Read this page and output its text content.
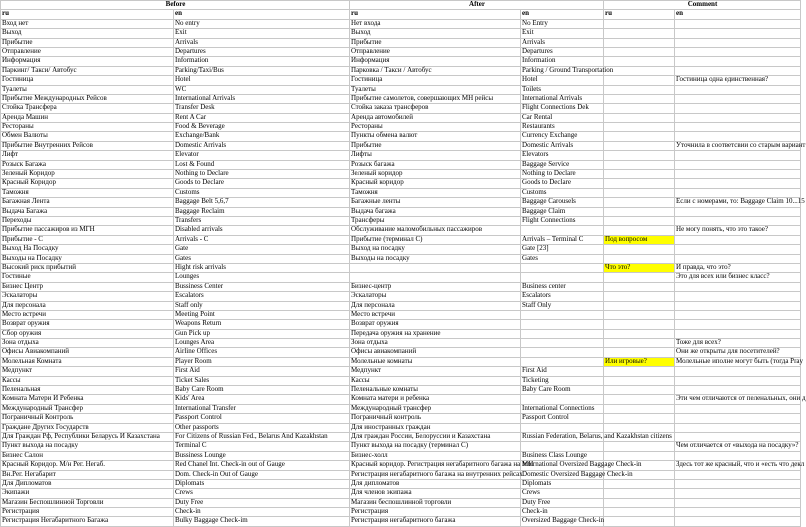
Before		After		Comment	
ru	en	ru	en	ru	en
Вход нет	No entry	Нет входа	No Entry		
Выход	Exit	Выход	Exit		
Прибытие	Arrivals	Прибытие	Arrivals		
Отправление	Departures	Отправление	Departures		
Информация	Information	Информация	Information		
Паркинг/ Такси/ Автобус	Parking/Taxi/Bus	Парковка / Такси / Автобус	Parking / Ground Transportation		
Гостиница	Hotel	Гостиница	Hotel		Гостиница одна единственная?
Туалеты	WC	Туалеты	Toilets		
Прибытие Международных Рейсов	International Arrivals	Прибытие самолетов, совершающих МН рейсы	International Arrivals		
Стойка Трансфера	Transfer Desk	Стойка заказа трансферов	Flight Connections Dek		
Аренда Машин	Rent A Car	Аренда автомобилей	Car Rental		
Рестораны	Food & Beverage	Рестораны	Restaurants		
Обмен Валюты	Exchange/Bank	Пункты обмена валют	Currency Exchange		
Прибытие Внутренних Рейсов	Domestic Arrivals	Прибытие	Domestic Arrivals		Уточнила в соответсвии со старым вариант
Лифт	Elevator	Лифты	Elevators		
Розыск Багажа	Lost & Found	Розыск багажа	Baggage Service		
Зеленый Коридор	Nothing to Declare	Зеленый коридор	Nothing to Declare		
Красный Коридор	Goods to Declare	Красный коридор	Goods to Declare		
Таможня	Customs	Таможня	Customs		
Багажная Лента	Baggage Belt 5,6,7	Багажные ленты	Baggage Carousels		Если с номерами, то: Baggage Claim 10...15
Выдача Багажа	Baggage Reclaim	Выдача багажа	Baggage Claim		
Переходы	Transfers	Трансферы	Flight Connections		
Прибытие пассажиров из МГН	Disabled arrivals	Обслуживание маломобильных пассажиров			Не могу понять, что это такое?
Прибытие - С	Arrivals - C	Прибытие (терминал С)	Arrivals – Terminal C	Под вопросом	
Выход На Посадку	Gate	Выход на посадку	Gate [23]		
Выходы на Посадку	Gates	Выходы на посадку	Gates		
Высокий риск прибытий	Hight risk arrivals			Что это?	И правда, что это?
Гостиные	Lounges				Это для всех или бизнес класс?
Бизнес Центр	Bussiness Center	Бизнес-центр	Business center		
Эскалаторы	Escalators	Эскалаторы	Escalators		
Для персонала	Staff only	Для персонала	Staff Only		
Место встречи	Meeting Point	Место встречи			
Возврат оружия	Weapons Return	Возврат оружия			
Сбор оружия	Gun Pick up	Передача оружия на хранение			
Зона отдыха	Lounges Area	Зона отдыха			Тоже для всех?
Офисы Авиакомпаний	Airline Offices	Офисы авиакомпаний			Они же открыты для посетителей?
Молельная Комната	Player Room	Молельные комнаты		Или игровые?	Молельные иполне могут быть (тогда Pray
Медпункт	First Aid	Медпункт	First Aid		
Кассы	Ticket Sales	Кассы	Ticketing		
Пеленальная	Baby Care Room	Пеленальные комнаты	Baby Care Room		
Комната Матери И Ребенка	Kids' Area	Комната матери и ребенка			Эти чем отличаются от пеленальных, они д
Международный Трансфер	International Transfer	Международный трансфер	International Connections		
Пограничный Контроль	Passport Control	Пограничный контроль	Passport Control		
Граждане Других Государств	Other passports	Для иностранных граждан			
Для Граждан Рф, Республики Беларусь И Казахстана	For Citizens of Russian Fed., Belarus And Kazakhstan	Для граждан России, Белоруссии и Казахстана	Russian Federation, Belarus, and Kazakhstan citizens		
Пункт выхода на посадку	Terminal C	Пункт выхода на посадку (терминал С)			Чем отличается от «выхода на посадку»?
Бизнес Салон	Bussiness Lounge	Бизнес-холл	Business Class Lounge		
Красный Коридор. М/н Рег. Негаб.	Red Chanel Int. Check-in out of Gauge	Красный коридор. Регистрация негабаритного багажа на МН	International Oversized Baggage Check-in		Здесь тот же красный, что и «есть что декл
Вн.Рег. Негабарит	Dom. Check-in Out of Gauge	Регистрация негабаритного багажа на внутренних рейсах	Domestic Oversized Baggage Check-in		
Для Дипломатов	Diplomats	Для дипломатов	Diplomats		
Экипажи	Crews	Для членов экипажа	Crews		
Магазин Беспошлинной Торговли	Duty Free	Магазин беспошлинной торговли	Duty Free		
Регистрация	Check-in	Регистрация	Check-in		
Регистрация Негабаритного Багажа	Bulky Baggage Check-im	Регистрация негабаритного багажа	Oversized Baggage Check-in		
